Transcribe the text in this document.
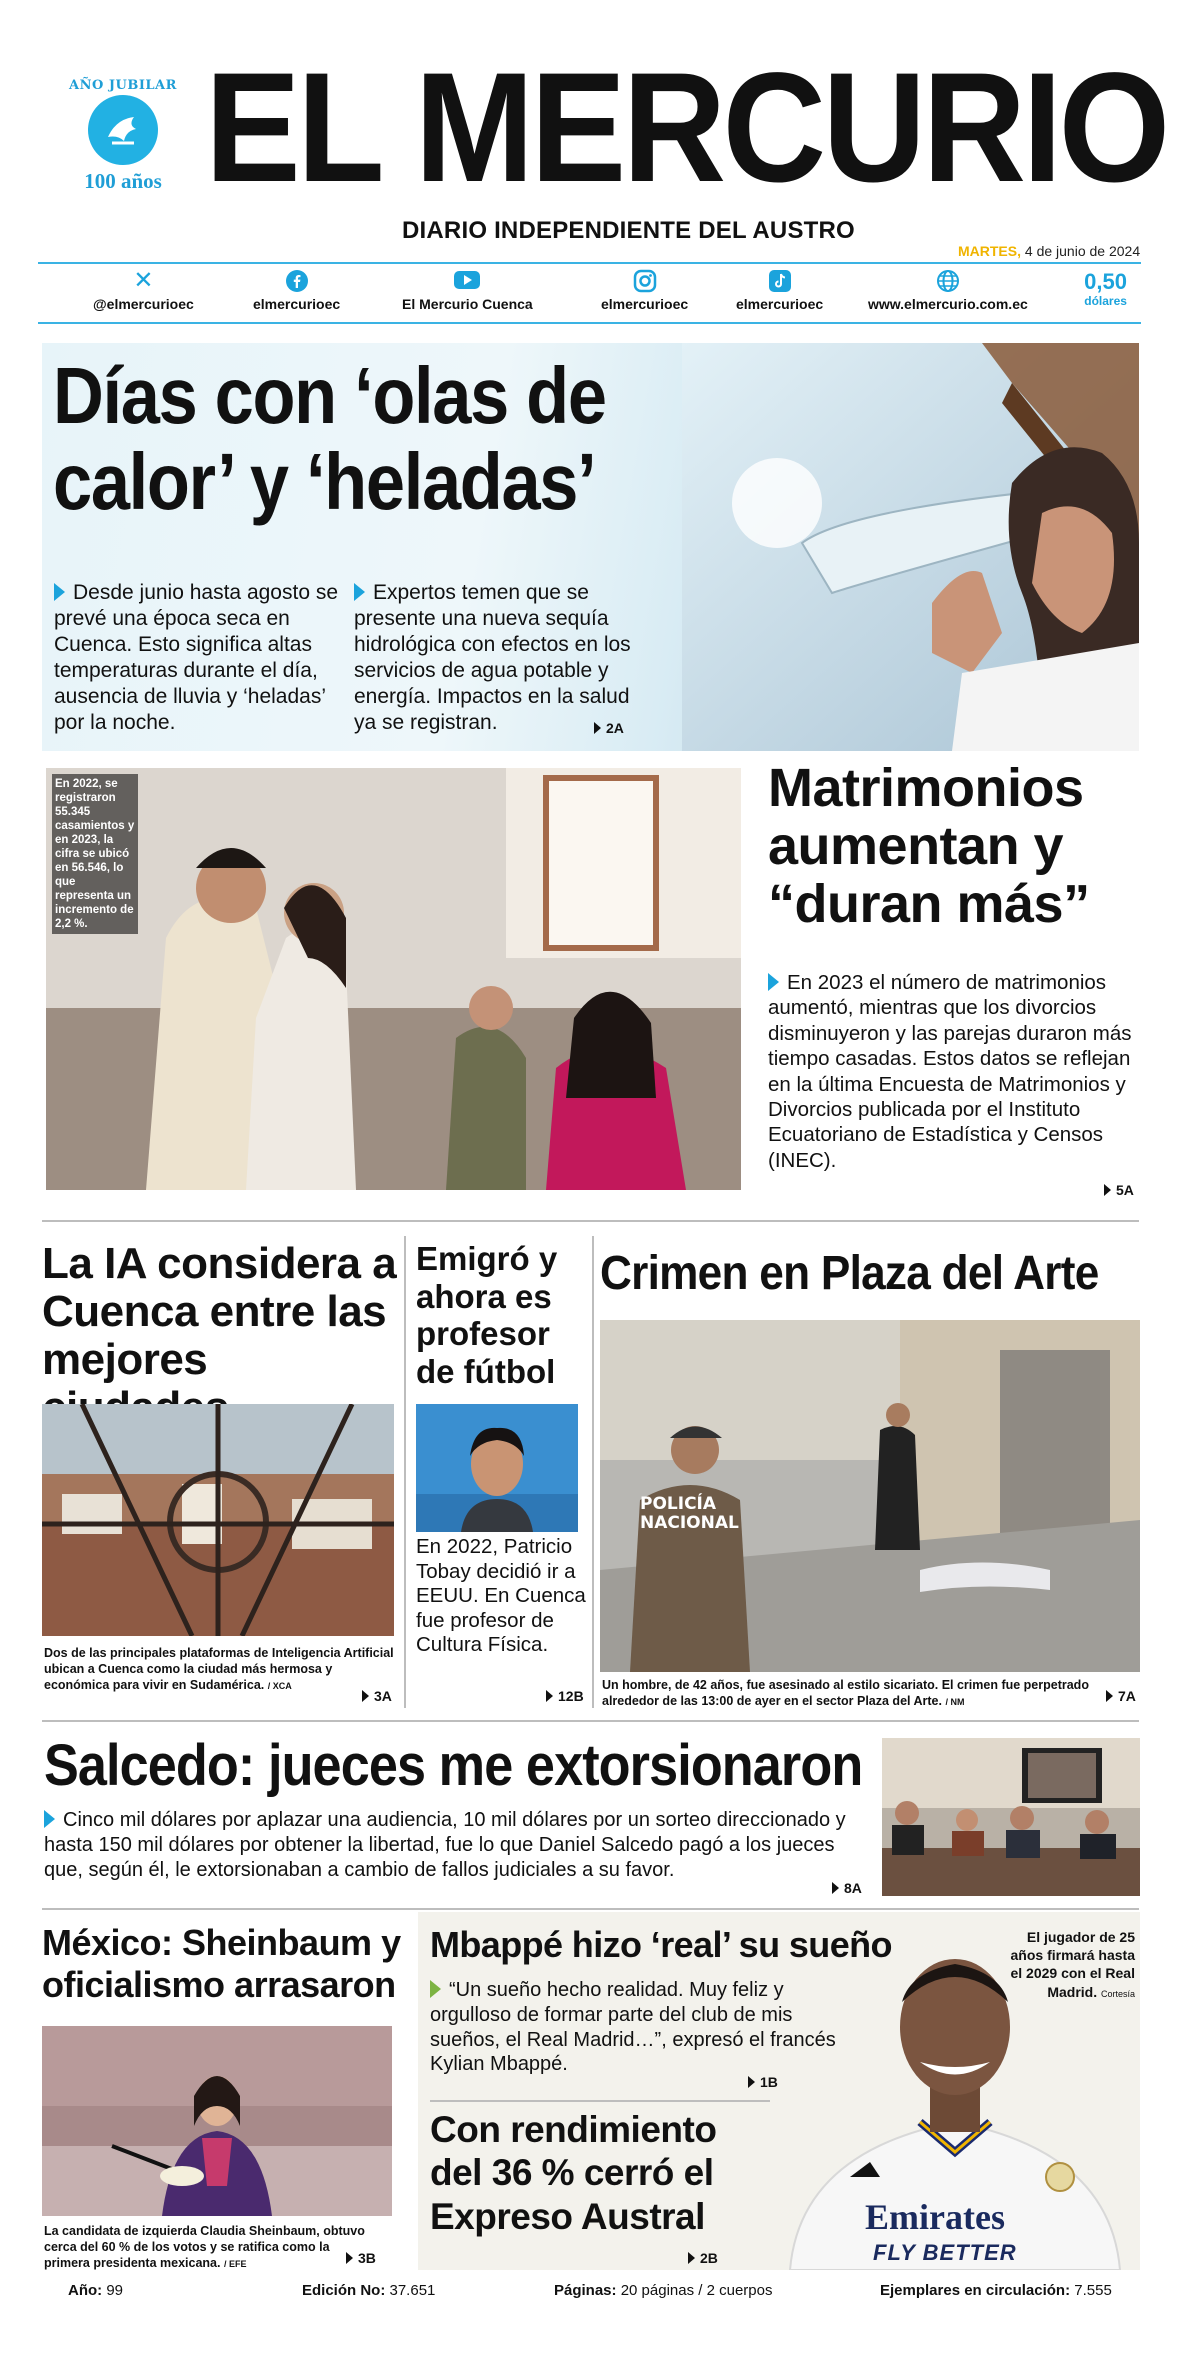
AÑO JUBILAR
100 años EL MERCURIO
DIARIO INDEPENDIENTE DEL AUSTRO
MARTES, 4 de junio de 2024
✕
@elmercurioec	elmercurioec	El Mercurio Cuenca	elmercurioec	elmercurioec	www.elmercurio.com.ec
0,50
dólares
Días con ‘olas de calor’ y ‘heladas’
Desde junio hasta agosto se prevé una época seca en Cuenca. Esto significa altas temperaturas durante el día, ausencia de lluvia y ‘heladas’ por la noche.
Expertos temen que se presente una nueva sequía hidrológica con efectos en los servicios de agua potable y energía. Impactos en la salud ya se registran.	2A
En 2022, se registraron 55.345 casamientos y en 2023, la cifra se ubicó en 56.546, lo que representa un incremento de 2,2 %.
Matrimonios aumentan y “duran más”
En 2023 el número de matrimonios aumentó, mientras que los divorcios disminuyeron y las parejas duraron más tiempo casadas. Estos datos se reflejan en la última Encuesta de Matrimonios y Divorcios publicada por el Instituto Ecuatoriano de Estadística y Censos (INEC).
5A
La IA considera a Cuenca entre las mejores
Dos de las principales plataformas de Inteligencia Artificial ubican a Cuenca como la ciudad más hermosa y económica para vivir en Sudamérica. / XCA
3A
Emigró y ahora es profesor de fútbol
En 2022, Patricio Tobay decidió ir a EEUU. En Cuenca fue profesor de Cultura Física.
12B
Crimen en Plaza del Arte
POLICÍA NACIONAL
Un hombre, de 42 años, fue asesinado al estilo sicariato. El crimen fue perpetrado alrededor de las 13:00 de ayer en el sector Plaza del Arte. / NM	7A
Salcedo: jueces me extorsionaron
Cinco mil dólares por aplazar una audiencia, 10 mil dólares por un sorteo direccionado y hasta 150 mil dólares por obtener la libertad, fue lo que Daniel Salcedo pagó a los jueces que, según él, le extorsionaban a cambio de fallos judiciales a su favor.
8A
México: Sheinbaum y oficialismo arrasaron
La candidata de izquierda Claudia Sheinbaum, obtuvo cerca del 60 % de los votos y se ratifica como la primera presidenta mexicana. / EFE	3B
Emirates
FLY BETTER
El jugador de 25 años firmará hasta el 2029 con el Real Madrid. Cortesía
Mbappé hizo ‘real’ su sueño
“Un sueño hecho realidad. Muy feliz y orgulloso de formar parte del club de mis sueños, el Real Madrid…”, expresó el francés Kylian Mbappé.
1B
Con rendimiento del 36 % cerró el Expreso Austral
2B
Año: 99	Edición No: 37.651	Páginas: 20 páginas / 2 cuerpos	Ejemplares en circulación: 7.555
